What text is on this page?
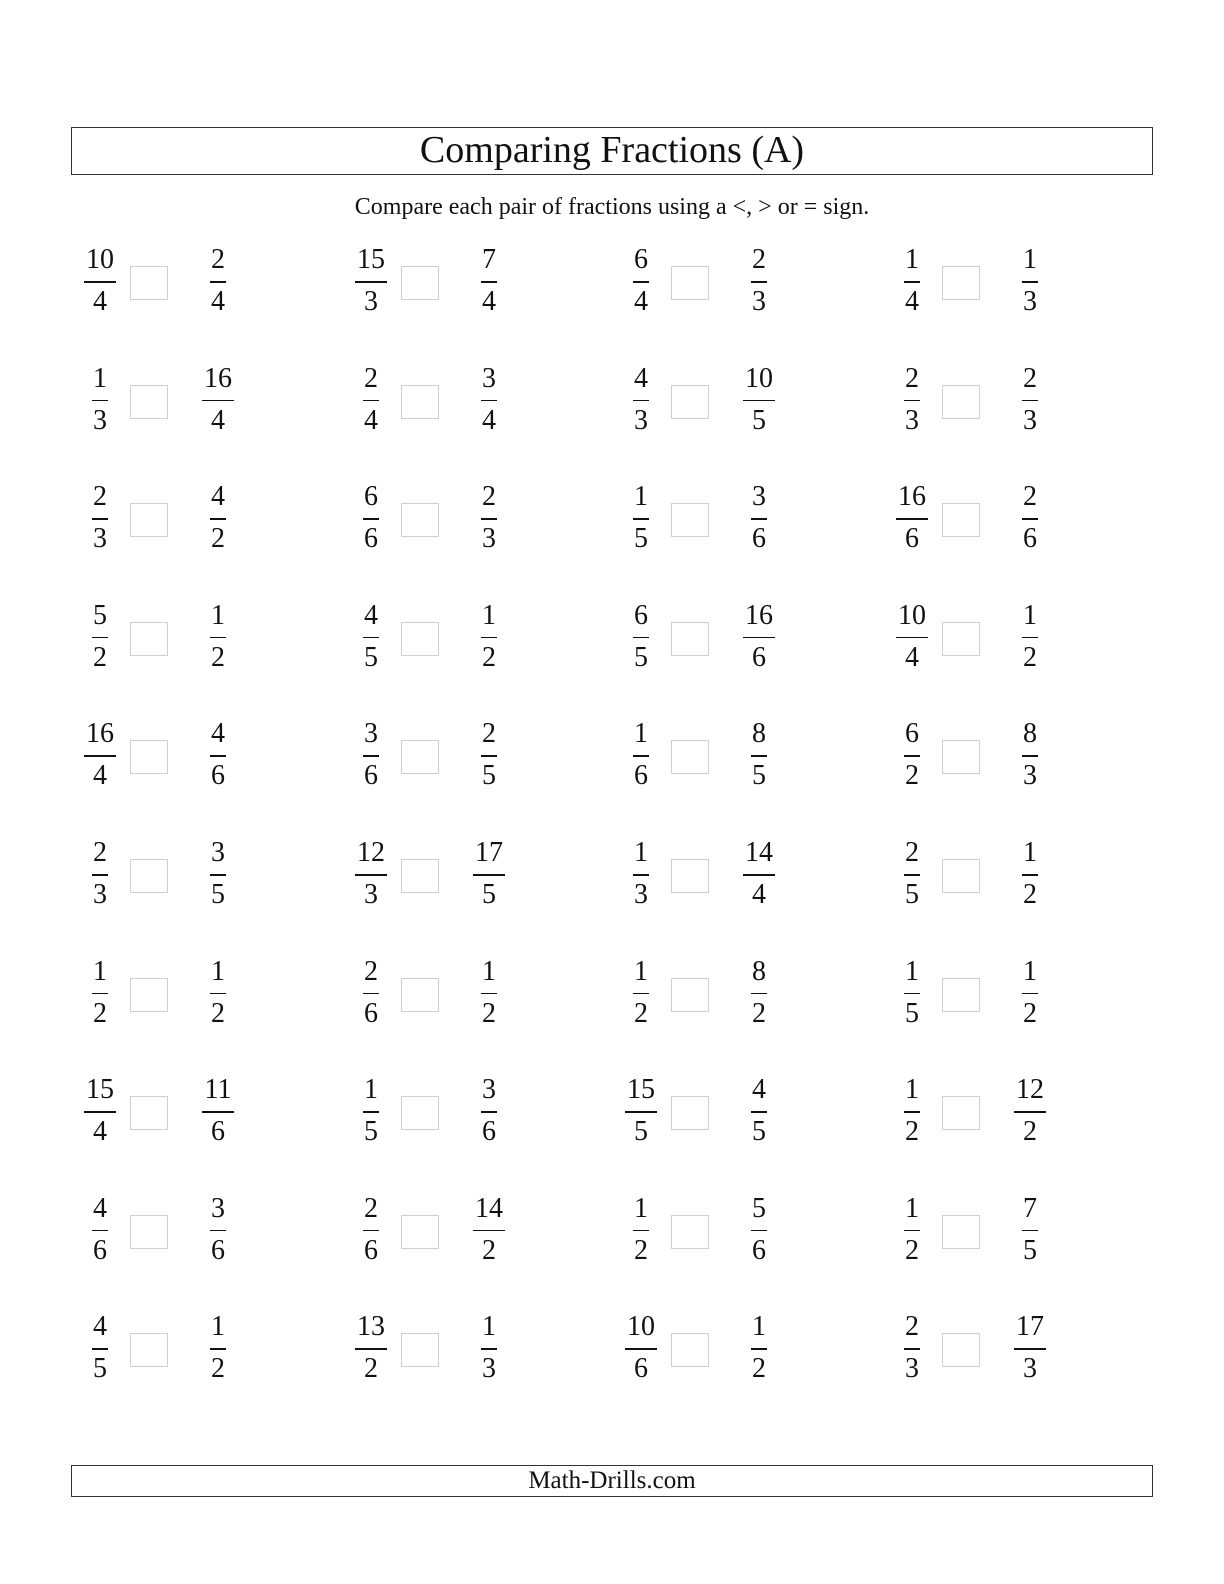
Comparing Fractions (A)
Compare each pair of fractions using a <, > or = sign.
10
4
2
4
15
3
7
4
6
4
2
3
1
4
1
3
1
3
16
4
2
4
3
4
4
3
10
5
2
3
2
3
2
3
4
2
6
6
2
3
1
5
3
6
16
6
2
6
5
2
1
2
4
5
1
2
6
5
16
6
10
4
1
2
16
4
4
6
3
6
2
5
1
6
8
5
6
2
8
3
2
3
3
5
12
3
17
5
1
3
14
4
2
5
1
2
1
2
1
2
2
6
1
2
1
2
8
2
1
5
1
2
15
4
11
6
1
5
3
6
15
5
4
5
1
2
12
2
4
6
3
6
2
6
14
2
1
2
5
6
1
2
7
5
4
5
1
2
13
2
1
3
10
6
1
2
2
3
17
3
Math-Drills.com
